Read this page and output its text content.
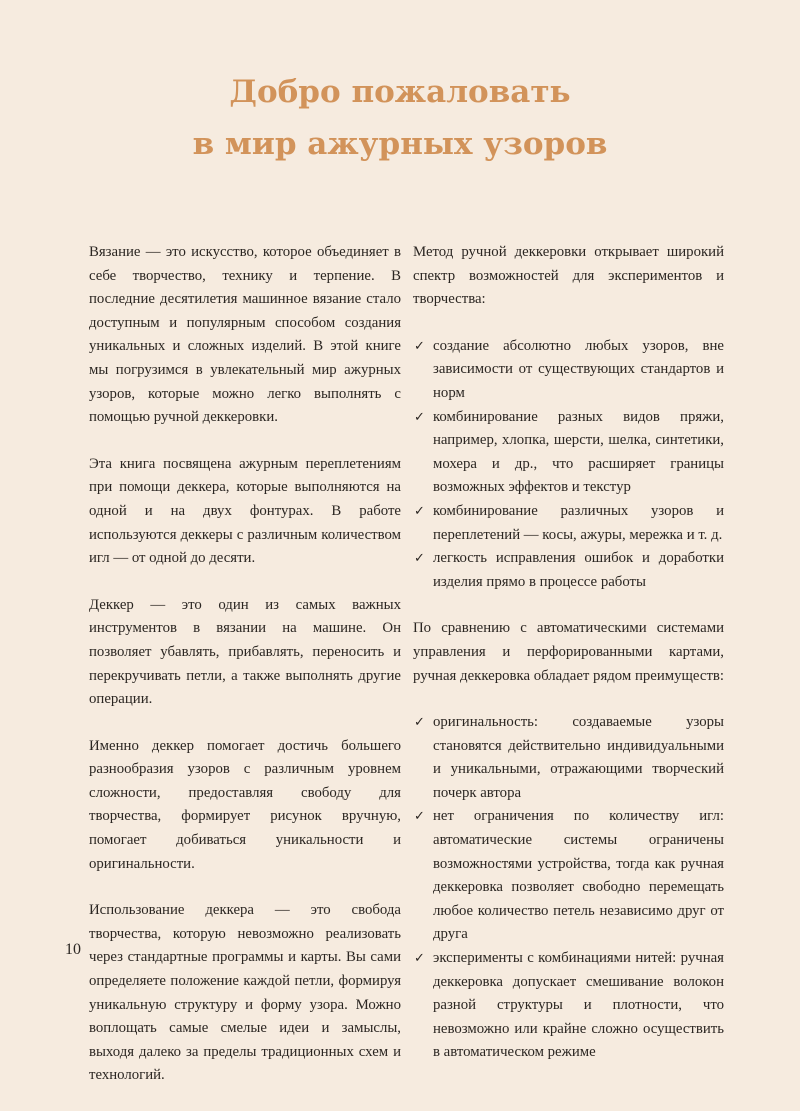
Добро пожаловать
в мир ажурных узоров

Вязание — это искусство, которое объединяет в себе творчество, технику и терпение. В последние десятилетия машинное вязание стало доступным и популярным способом создания уникальных и сложных изделий. В этой книге мы погрузимся в увлекательный мир ажурных узоров, которые можно легко выполнять с помощью ручной деккеровки.

Эта книга посвящена ажурным переплетениям при помощи деккера, которые выполняются на одной и на двух фонтурах. В работе используются деккеры с различным количеством игл — от одной до десяти.

Деккер — это один из самых важных инструментов в вязании на машине. Он позволяет убавлять, прибавлять, переносить и перекручивать петли, а также выполнять другие операции.

Именно деккер помогает достичь большего разнообразия узоров с различным уровнем сложности, предоставляя свободу для творчества, формирует рисунок вручную, помогает добиваться уникальности и оригинальности.

Использование деккера — это свобода творчества, которую невозможно реализовать через стандартные программы и карты. Вы сами определяете положение каждой петли, формируя уникальную структуру и форму узора. Можно воплощать самые смелые идеи и замыслы, выходя далеко за пределы традиционных схем и технологий.

Метод ручной деккеровки открывает широкий спектр возможностей для экспериментов и творчества:

✓ создание абсолютно любых узоров, вне зависимости от существующих стандартов и норм
✓ комбинирование разных видов пряжи, например, хлопка, шерсти, шелка, синтетики, мохера и др., что расширяет границы возможных эффектов и текстур
✓ комбинирование различных узоров и переплетений — косы, ажуры, мережка и т. д.
✓ легкость исправления ошибок и доработки изделия прямо в процессе работы

По сравнению с автоматическими системами управления и перфорированными картами, ручная деккеровка обладает рядом преимуществ:

✓ оригинальность: создаваемые узоры становятся действительно индивидуальными и уникальными, отражающими творческий почерк автора
✓ нет ограничения по количеству игл: автоматические системы ограничены возможностями устройства, тогда как ручная деккеровка позволяет свободно перемещать любое количество петель независимо друг от друга
✓ эксперименты с комбинациями нитей: ручная деккеровка допускает смешивание волокон разной структуры и плотности, что невозможно или крайне сложно осуществить в автоматическом режиме
10
